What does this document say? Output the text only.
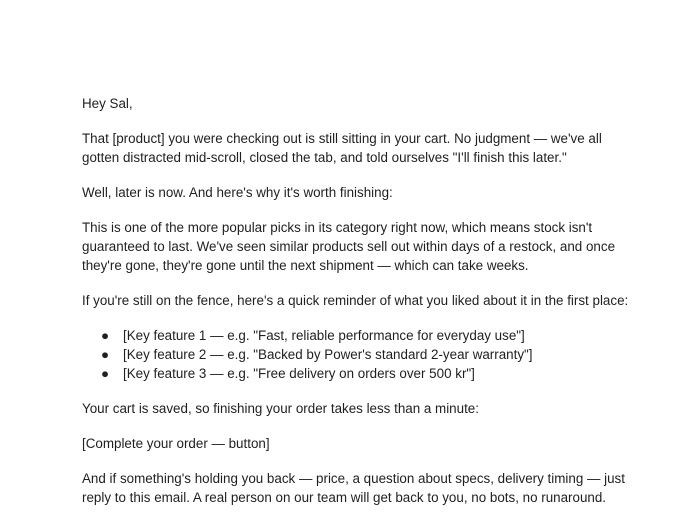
Hey Sal,

That [product] you were checking out is still sitting in your cart. No judgment — we've all
gotten distracted mid-scroll, closed the tab, and told ourselves "I'll finish this later."

Well, later is now. And here's why it's worth finishing:

This is one of the more popular picks in its category right now, which means stock isn't
guaranteed to last. We've seen similar products sell out within days of a restock, and once
they're gone, they're gone until the next shipment — which can take weeks.

If you're still on the fence, here's a quick reminder of what you liked about it in the first place:

● [Key feature 1 — e.g. "Fast, reliable performance for everyday use"]
● [Key feature 2 — e.g. "Backed by Power's standard 2-year warranty"]
● [Key feature 3 — e.g. "Free delivery on orders over 500 kr"]

Your cart is saved, so finishing your order takes less than a minute:

[Complete your order — button]

And if something's holding you back — price, a question about specs, delivery timing — just
reply to this email. A real person on our team will get back to you, no bots, no runaround.
